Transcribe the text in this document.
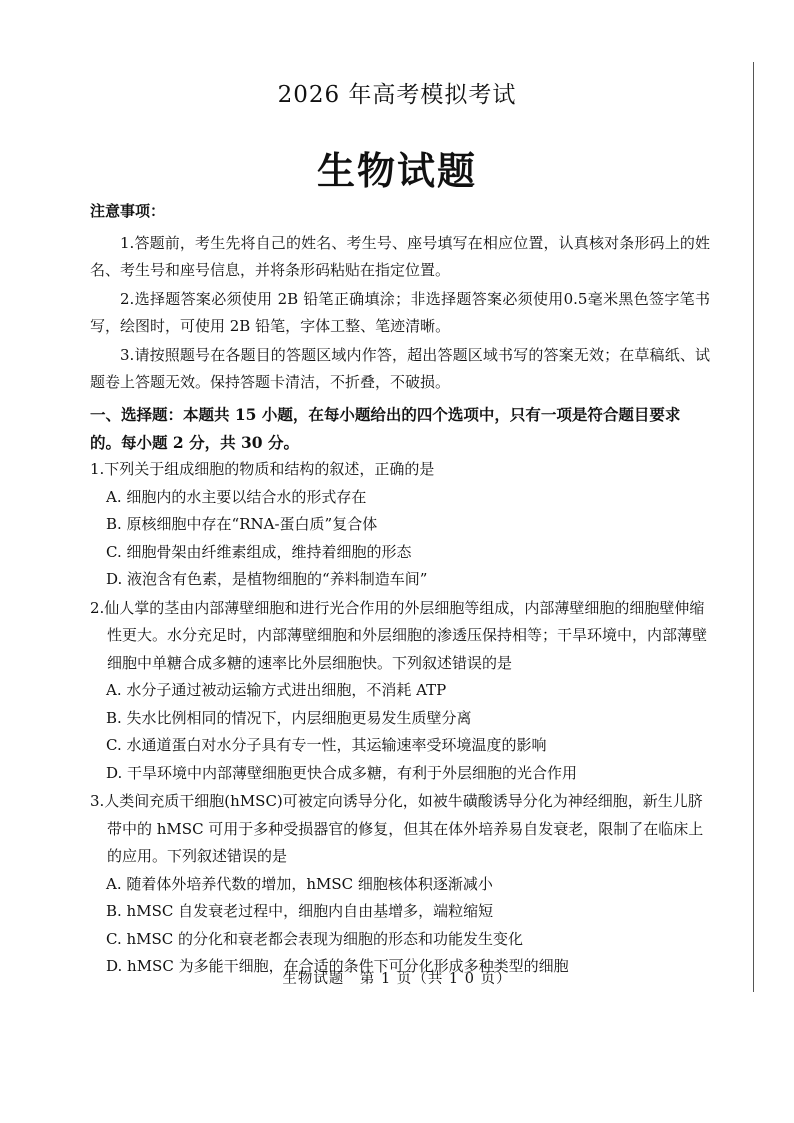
2026 年高考模拟考试
生物试题
注意事项：

1.答题前，考生先将自己的姓名、考生号、座号填写在相应位置，认真核对条形码上的姓名、考生号和座号信息，并将条形码粘贴在指定位置。

2.选择题答案必须使用 2B 铅笔正确填涂；非选择题答案必须使用0.5毫米黑色签字笔书写，绘图时，可使用 2B 铅笔，字体工整、笔迹清晰。

3.请按照题号在各题目的答题区域内作答，超出答题区域书写的答案无效；在草稿纸、试题卷上答题无效。保持答题卡清洁，不折叠，不破损。

一、选择题：本题共 15 小题，在每小题给出的四个选项中，只有一项是符合题目要求的。每小题 2 分，共 30 分。

1.下列关于组成细胞的物质和结构的叙述，正确的是

A. 细胞内的水主要以结合水的形式存在
B. 原核细胞中存在“RNA-蛋白质”复合体
C. 细胞骨架由纤维素组成，维持着细胞的形态
D. 液泡含有色素，是植物细胞的“养料制造车间”

2.仙人掌的茎由内部薄壁细胞和进行光合作用的外层细胞等组成，内部薄壁细胞的细胞壁伸缩性更大。水分充足时，内部薄壁细胞和外层细胞的渗透压保持相等；干旱环境中，内部薄壁细胞中单糖合成多糖的速率比外层细胞快。下列叙述错误的是

A. 水分子通过被动运输方式进出细胞，不消耗 ATP
B. 失水比例相同的情况下，内层细胞更易发生质壁分离
C. 水通道蛋白对水分子具有专一性，其运输速率受环境温度的影响
D. 干旱环境中内部薄壁细胞更快合成多糖，有利于外层细胞的光合作用

3.人类间充质干细胞(hMSC)可被定向诱导分化，如被牛磺酸诱导分化为神经细胞，新生儿脐带中的 hMSC 可用于多种受损器官的修复，但其在体外培养易自发衰老，限制了在临床上的应用。下列叙述错误的是

A. 随着体外培养代数的增加，hMSC 细胞核体积逐渐减小
B. hMSC 自发衰老过程中，细胞内自由基增多，端粒缩短
C. hMSC 的分化和衰老都会表现为细胞的形态和功能发生变化
D. hMSC 为多能干细胞，在合适的条件下可分化形成多种类型的细胞
生物试题　第 1 页（共 1 0 页）
